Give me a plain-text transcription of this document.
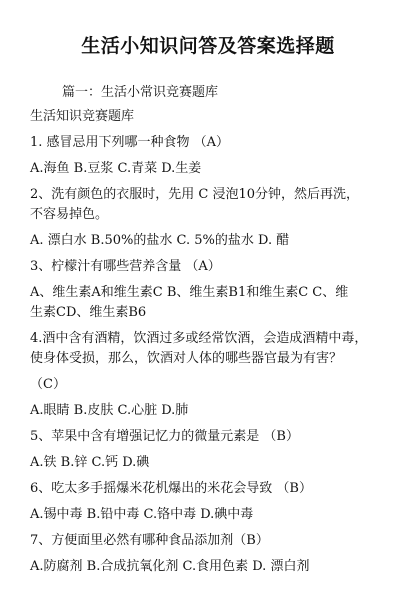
生活小知识问答及答案选择题
篇一：生活小常识竞赛题库
生活知识竞赛题库
1. 感冒忌用下列哪一种食物 （A）
A.海鱼 B.豆浆 C.青菜 D.生姜
2、洗有颜色的衣服时，先用 C 浸泡10分钟，然后再洗，
不容易掉色。
A. 漂白水 B.50%的盐水 C. 5%的盐水 D. 醋
3、柠檬汁有哪些营养含量 （A）
A、维生素A和维生素C B、维生素B1和维生素C C、维
生素CD、维生素B6
4.酒中含有酒精，饮酒过多或经常饮酒，会造成酒精中毒，
使身体受损，那么，饮酒对人体的哪些器官最为有害？
（C）
A.眼睛 B.皮肤 C.心脏 D.肺
5、苹果中含有增强记忆力的微量元素是 （B）
A.铁 B.锌 C.钙 D.碘
6、吃太多手摇爆米花机爆出的米花会导致 （B）
A.锡中毒 B.铅中毒 C.铬中毒 D.碘中毒
7、方便面里必然有哪种食品添加剂（B）
A.防腐剂 B.合成抗氧化剂 C.食用色素 D. 漂白剂
